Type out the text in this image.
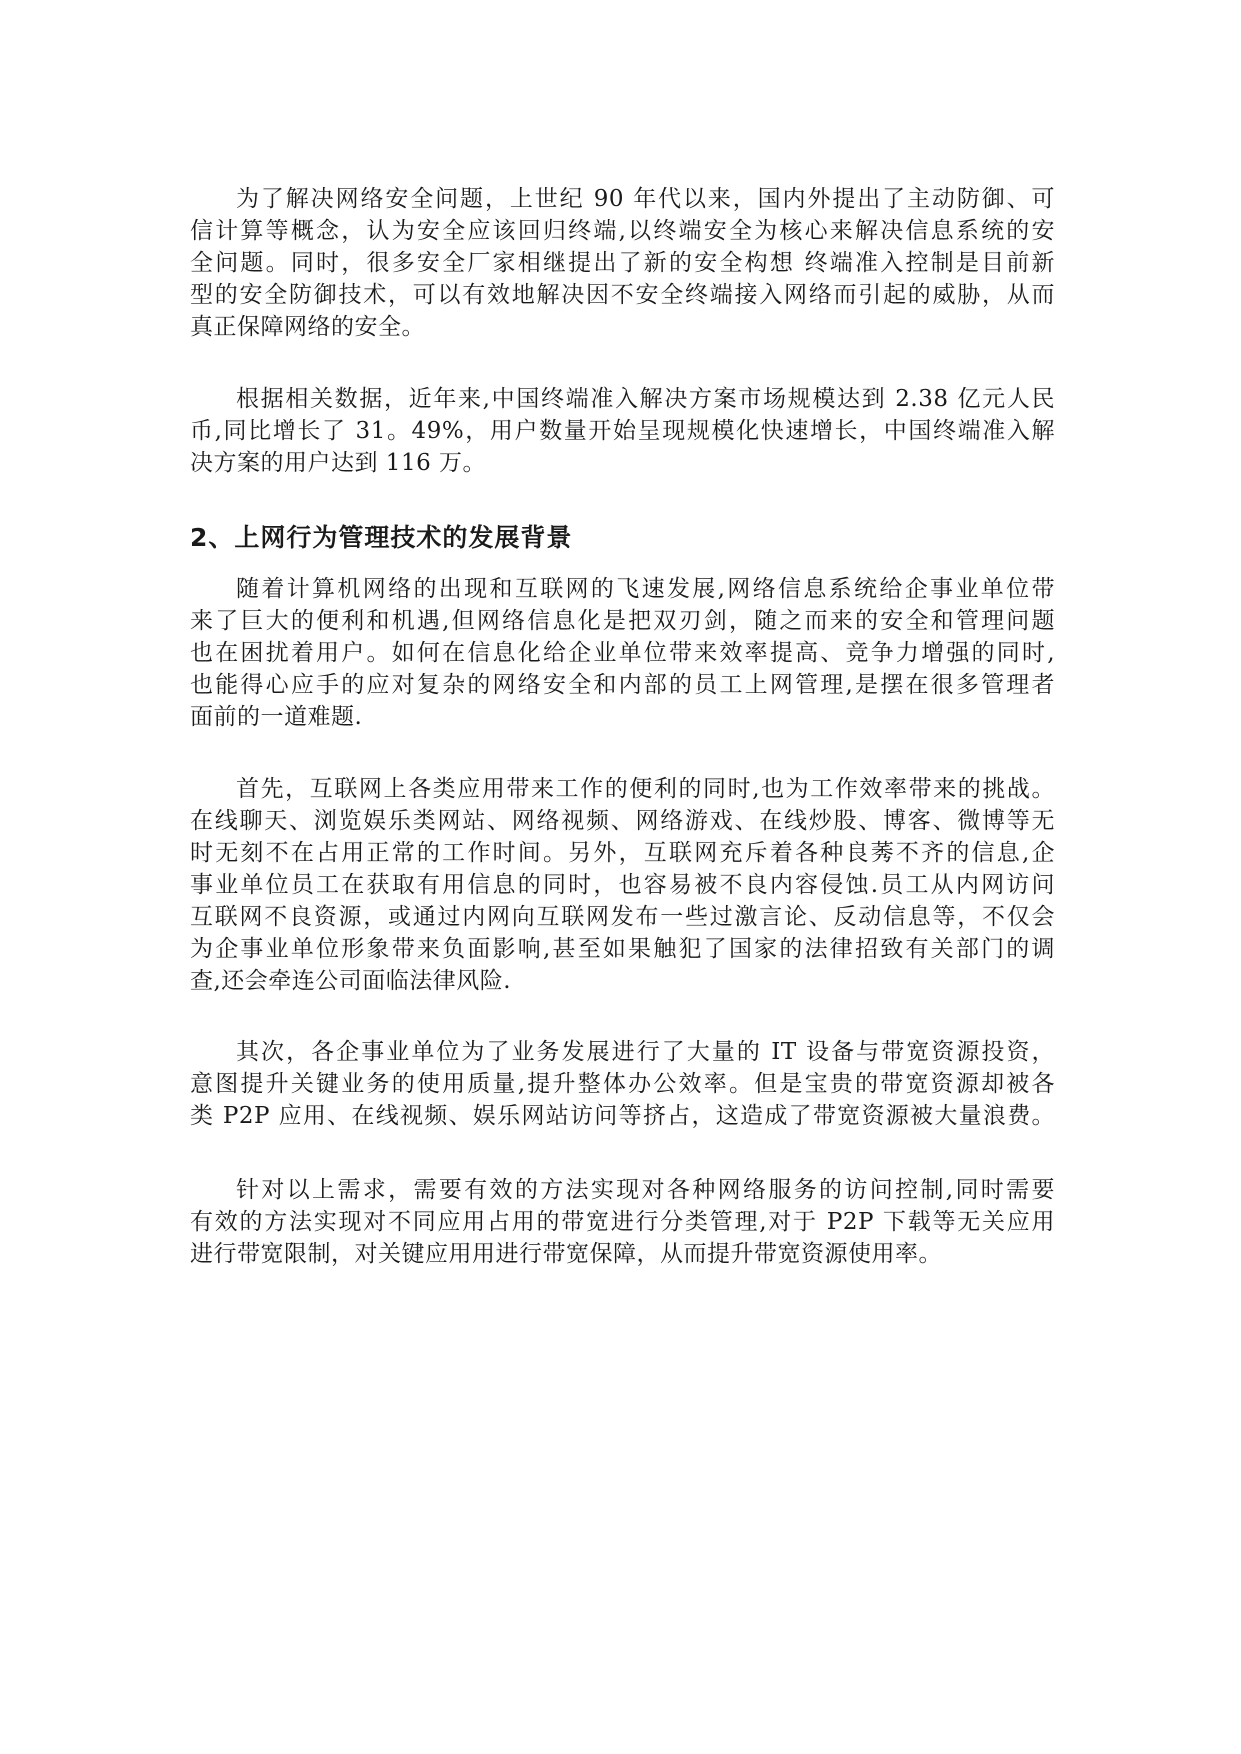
为了解决网络安全问题，上世纪 90 年代以来，国内外提出了主动防御、可
信计算等概念，认为安全应该回归终端,以终端安全为核心来解决信息系统的安
全问题。同时，很多安全厂家相继提出了新的安全构想 终端准入控制是目前新
型的安全防御技术，可以有效地解决因不安全终端接入网络而引起的威胁，从而
真正保障网络的安全。
根据相关数据，近年来,中国终端准入解决方案市场规模达到 2.38 亿元人民
币,同比增长了 31。49%，用户数量开始呈现规模化快速增长，中国终端准入解
决方案的用户达到 116 万。
2、上网行为管理技术的发展背景
随着计算机网络的出现和互联网的飞速发展,网络信息系统给企事业单位带
来了巨大的便利和机遇,但网络信息化是把双刃剑，随之而来的安全和管理问题
也在困扰着用户。如何在信息化给企业单位带来效率提高、竞争力增强的同时,
也能得心应手的应对复杂的网络安全和内部的员工上网管理,是摆在很多管理者
面前的一道难题.
首先，互联网上各类应用带来工作的便利的同时,也为工作效率带来的挑战。
在线聊天、浏览娱乐类网站、网络视频、网络游戏、在线炒股、博客、微博等无
时无刻不在占用正常的工作时间。另外，互联网充斥着各种良莠不齐的信息,企
事业单位员工在获取有用信息的同时，也容易被不良内容侵蚀.员工从内网访问
互联网不良资源，或通过内网向互联网发布一些过激言论、反动信息等，不仅会
为企事业单位形象带来负面影响,甚至如果触犯了国家的法律招致有关部门的调
查,还会牵连公司面临法律风险.
其次，各企事业单位为了业务发展进行了大量的 IT 设备与带宽资源投资，
意图提升关键业务的使用质量,提升整体办公效率。但是宝贵的带宽资源却被各
类 P2P 应用、在线视频、娱乐网站访问等挤占，这造成了带宽资源被大量浪费。
针对以上需求，需要有效的方法实现对各种网络服务的访问控制,同时需要
有效的方法实现对不同应用占用的带宽进行分类管理,对于 P2P 下载等无关应用
进行带宽限制，对关键应用用进行带宽保障，从而提升带宽资源使用率。
